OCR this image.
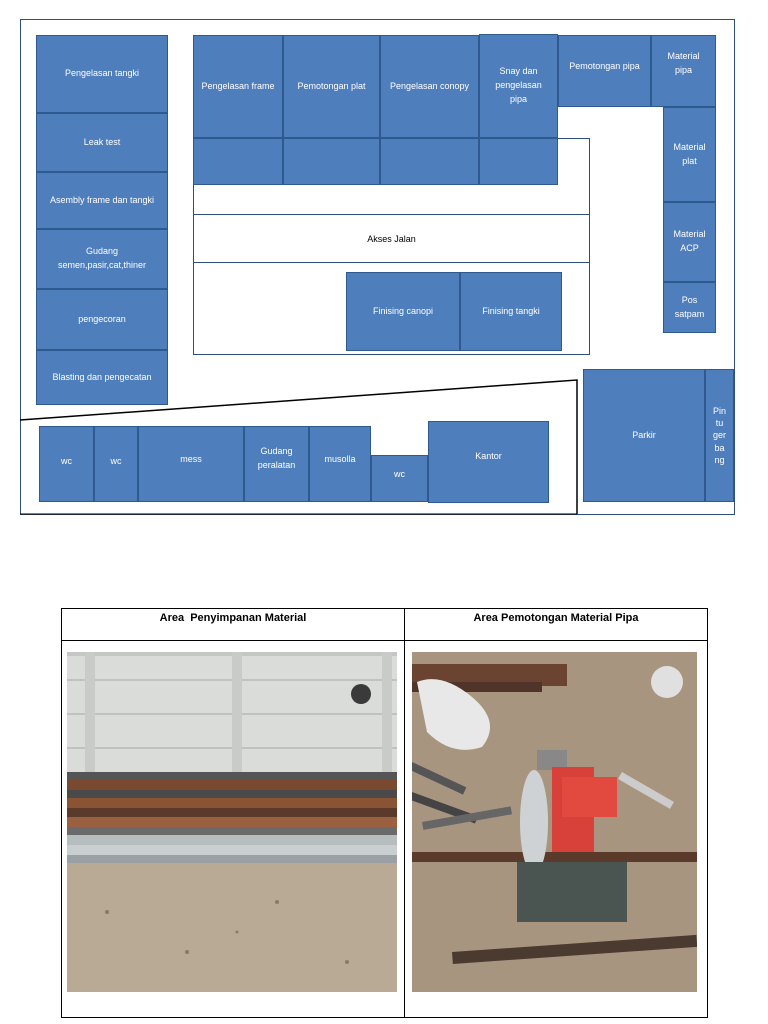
Pengelasan tangki
Leak test
Asembly frame dan tangki
Gudang
semen,pasir,cat,thiner
pengecoran
Blasting dan pengecatan
Pengelasan frame	Pemotongan plat	Pengelasan conopy
Snay dan
pengelasan
pipa
Pemotongan pipa
Material
pipa
Akses Jalan
Finising canopi	Finising tangki
Material
plat
Material
ACP
Pos
satpam
wc	wc	mess
Gudang
peralatan
musolla
wc
Kantor
Parkir
Pin
tu
ger
ba
ng
Area  Penyimpanan Material	Area Pemotongan Material Pipa
